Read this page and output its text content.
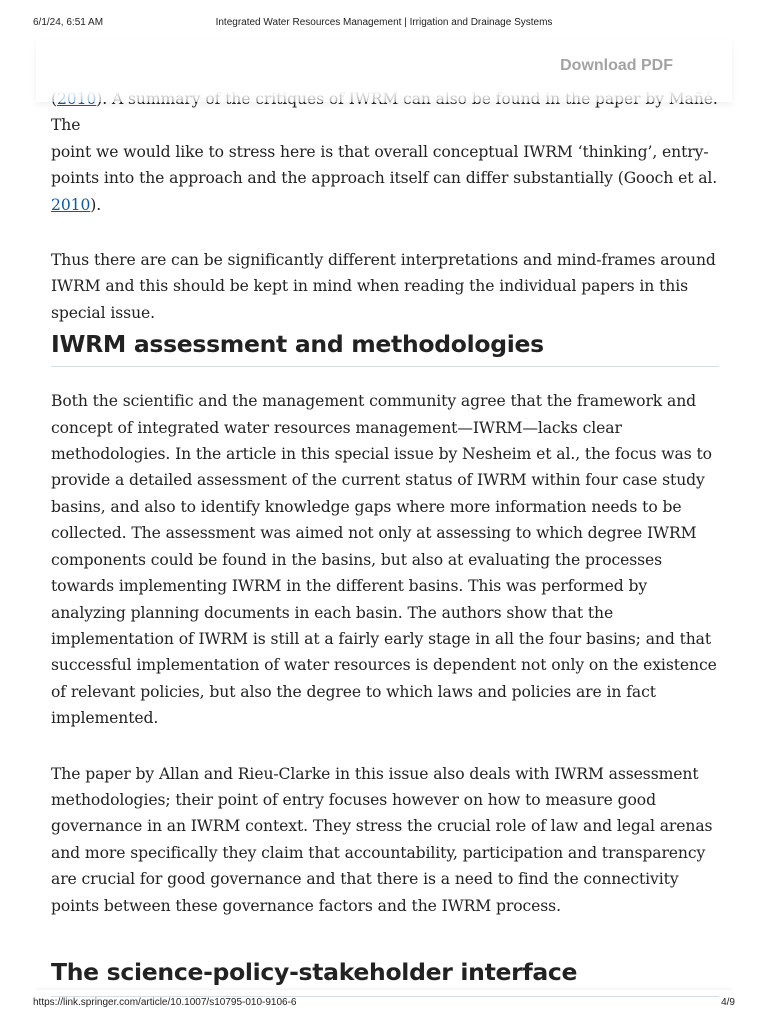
6/1/24, 6:51 AM	Integrated Water Resources Management | Irrigation and Drainage Systems

The

point we would like to stress here is that overall conceptual IWRM ‘thinking’, entry-points into the approach and the approach itself can differ substantially (Gooch et al. 2010).

Thus there are can be significantly different interpretations and mind-frames around IWRM and this should be kept in mind when reading the individual papers in this special issue.

IWRM assessment and methodologies

Both the scientific and the management community agree that the framework and concept of integrated water resources management—IWRM—lacks clear methodologies. In the article in this special issue by Nesheim et al., the focus was to provide a detailed assessment of the current status of IWRM within four case study basins, and also to identify knowledge gaps where more information needs to be collected. The assessment was aimed not only at assessing to which degree IWRM components could be found in the basins, but also at evaluating the processes towards implementing IWRM in the different basins. This was performed by analyzing planning documents in each basin. The authors show that the implementation of IWRM is still at a fairly early stage in all the four basins; and that successful implementation of water resources is dependent not only on the existence of relevant policies, but also the degree to which laws and policies are in fact implemented.

The paper by Allan and Rieu-Clarke in this issue also deals with IWRM assessment methodologies; their point of entry focuses however on how to measure good governance in an IWRM context. They stress the crucial role of law and legal arenas and more specifically they claim that accountability, participation and transparency are crucial for good governance and that there is a need to find the connectivity points between these governance factors and the IWRM process.

The science-policy-stakeholder interface
Download PDF
https://link.springer.com/article/10.1007/s10795-010-9106-6	4/9
